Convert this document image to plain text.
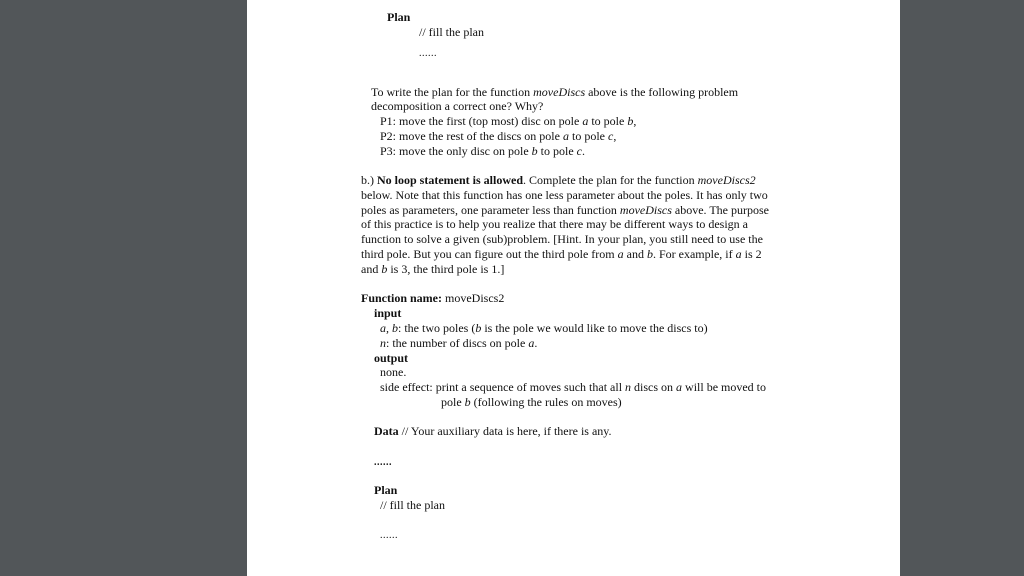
Plan
// fill the plan
......
To write the plan for the function moveDiscs above is the following problem
decomposition a correct one? Why?
P1: move the first (top most) disc on pole a to pole b,
P2: move the rest of the discs on pole a to pole c,
P3: move the only disc on pole b to pole c.
b.) No loop statement is allowed. Complete the plan for the function moveDiscs2
below. Note that this function has one less parameter about the poles. It has only two
poles as parameters, one parameter less than function moveDiscs above. The purpose
of this practice is to help you realize that there may be different ways to design a
function to solve a given (sub)problem. [Hint. In your plan, you still need to use the
third pole. But you can figure out the third pole from a and b. For example, if a is 2
and b is 3, the third pole is 1.]
Function name: moveDiscs2
input
a, b: the two poles (b is the pole we would like to move the discs to)
n: the number of discs on pole a.
output
none.
side effect: print a sequence of moves such that all n discs on a will be moved to
pole b (following the rules on moves)
Data // Your auxiliary data is here, if there is any.
......
Plan
// fill the plan
......
